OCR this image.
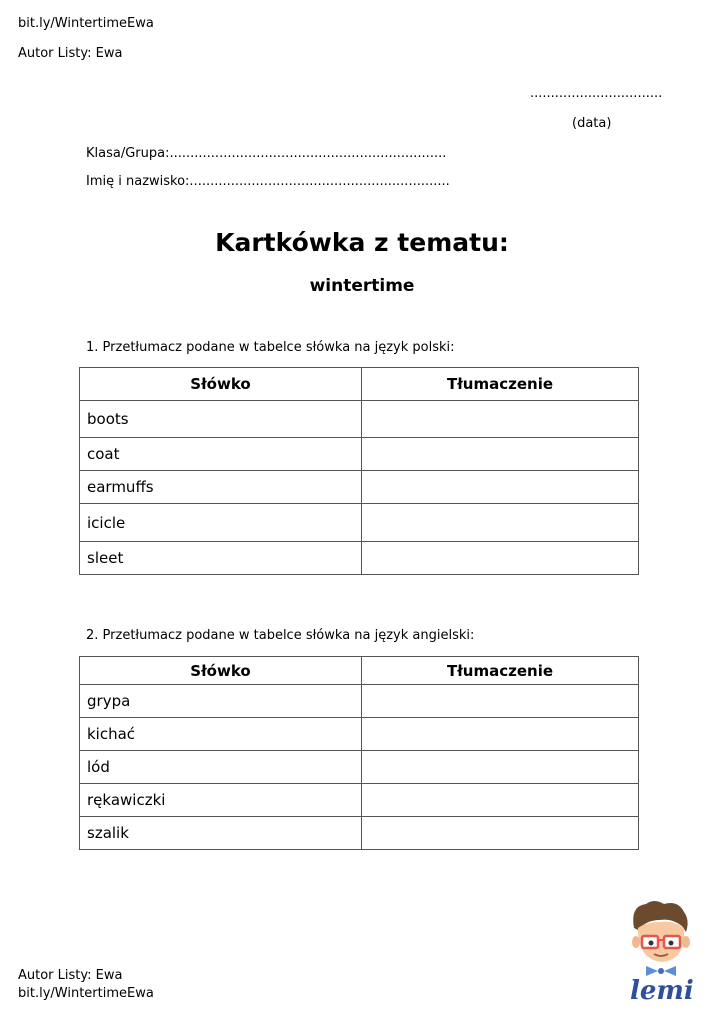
bit.ly/WintertimeEwa
Autor Listy: Ewa
................................
(data)
Klasa/Grupa:...................................................................
Imię i nazwisko:...............................................................
Kartkówka z tematu:
wintertime
1. Przetłumacz podane w tabelce słówka na język polski:
Słówko	Tłumaczenie
boots	
coat	
earmuffs	
icicle	
sleet	
2. Przetłumacz podane w tabelce słówka na język angielski:
Słówko	Tłumaczenie
grypa	
kichać	
lód	
rękawiczki	
szalik	
Autor Listy: Ewa
bit.ly/WintertimeEwa	lemi
